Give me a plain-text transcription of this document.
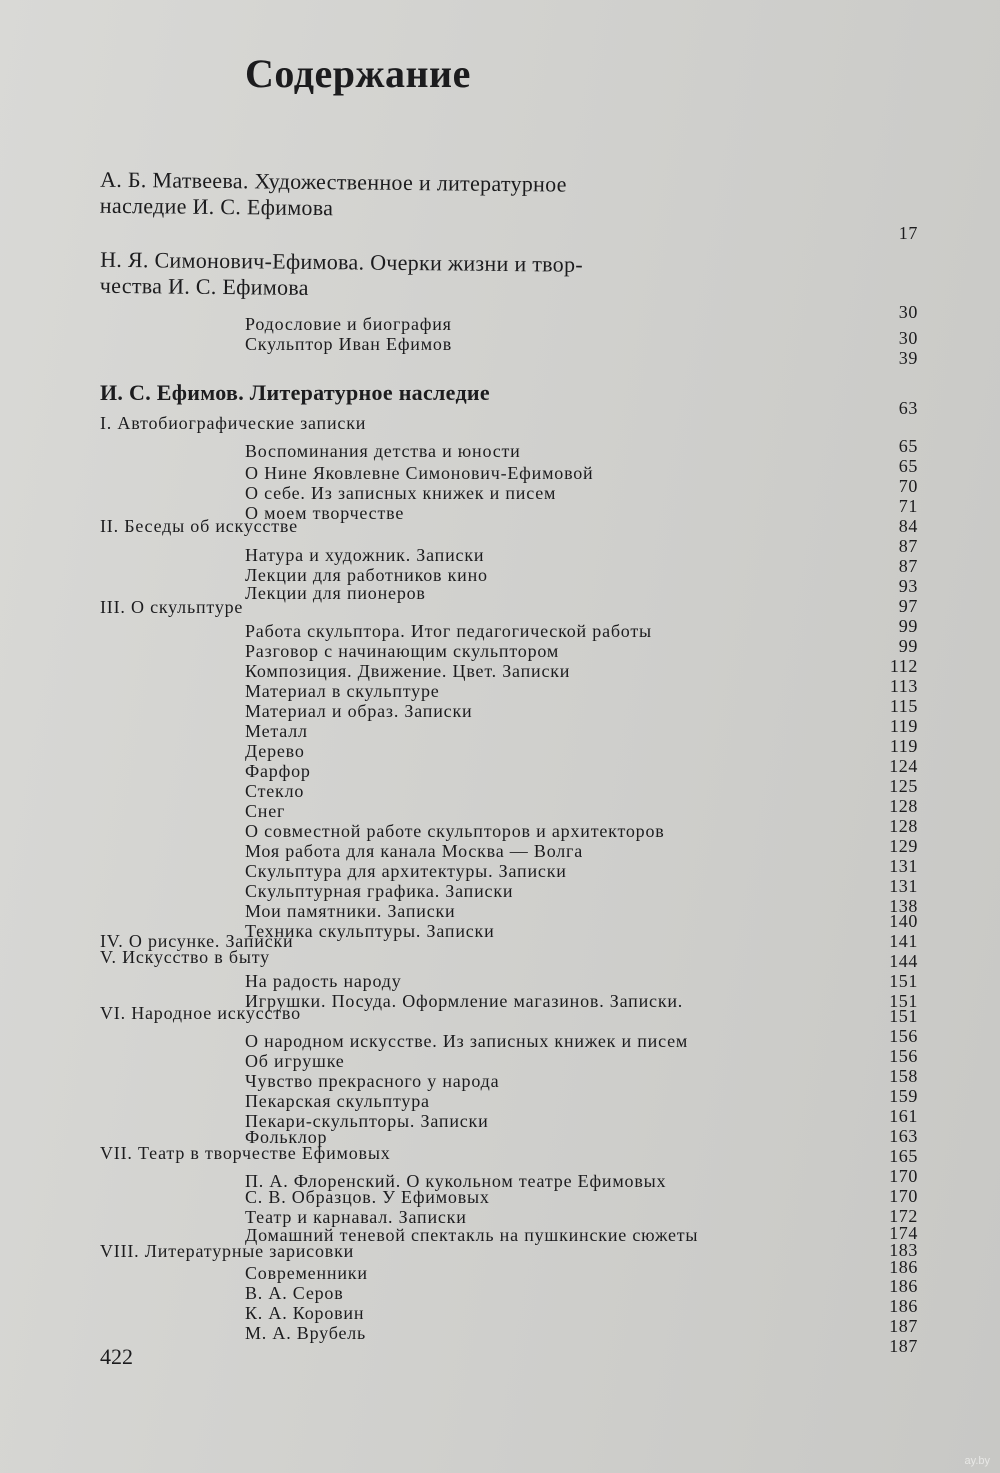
Содержание
А. Б. Матвеева. Художественное и литературное
наследие И. С. Ефимова
Н. Я. Симонович-Ефимова. Очерки жизни и твор-
чества И. С. Ефимова
Родословие и биография
Скульптор Иван Ефимов
И. С. Ефимов. Литературное наследие
I. Автобиографические записки
Воспоминания детства и юности
О Нине Яковлевне Симонович-Ефимовой
О себе. Из записных книжек и писем
О моем творчестве
II. Беседы об искусстве
Натура и художник. Записки
Лекции для работников кино
Лекции для пионеров
III. О скульптуре
Работа скульптора. Итог педагогической работы
Разговор с начинающим скульптором
Композиция. Движение. Цвет. Записки
Материал в скульптуре
Материал и образ. Записки
Металл
Дерево
Фарфор
Стекло
Снег
О совместной работе скульпторов и архитекторов
Моя работа для канала Москва — Волга
Скульптура для архитектуры. Записки
Скульптурная графика. Записки
Мои памятники. Записки
Техника скульптуры. Записки
IV. О рисунке. Записки
V. Искусство в быту
На радость народу
Игрушки. Посуда. Оформление магазинов. Записки.
VI. Народное искусство
О народном искусстве. Из записных книжек и писем
Об игрушке
Чувство прекрасного у народа
Пекарская скульптура
Пекари-скульпторы. Записки
Фольклор
VII. Театр в творчестве Ефимовых
П. А. Флоренский. О кукольном театре Ефимовых
С. В. Образцов. У Ефимовых
Театр и карнавал. Записки
Домашний теневой спектакль на пушкинские сюжеты
VIII. Литературные зарисовки
Современники
В. А. Серов
К. А. Коровин
М. А. Врубель
17
30
30
39
63
65
65
70
71
84
87
87
93
97
99
99
112
113
115
119
119
124
125
128
128
129
131
131
138
140
141
144
151
151
151
156
156
158
159
161
163
165
170
170
172
174
183
186
186
186
187
187
422
ay.by
